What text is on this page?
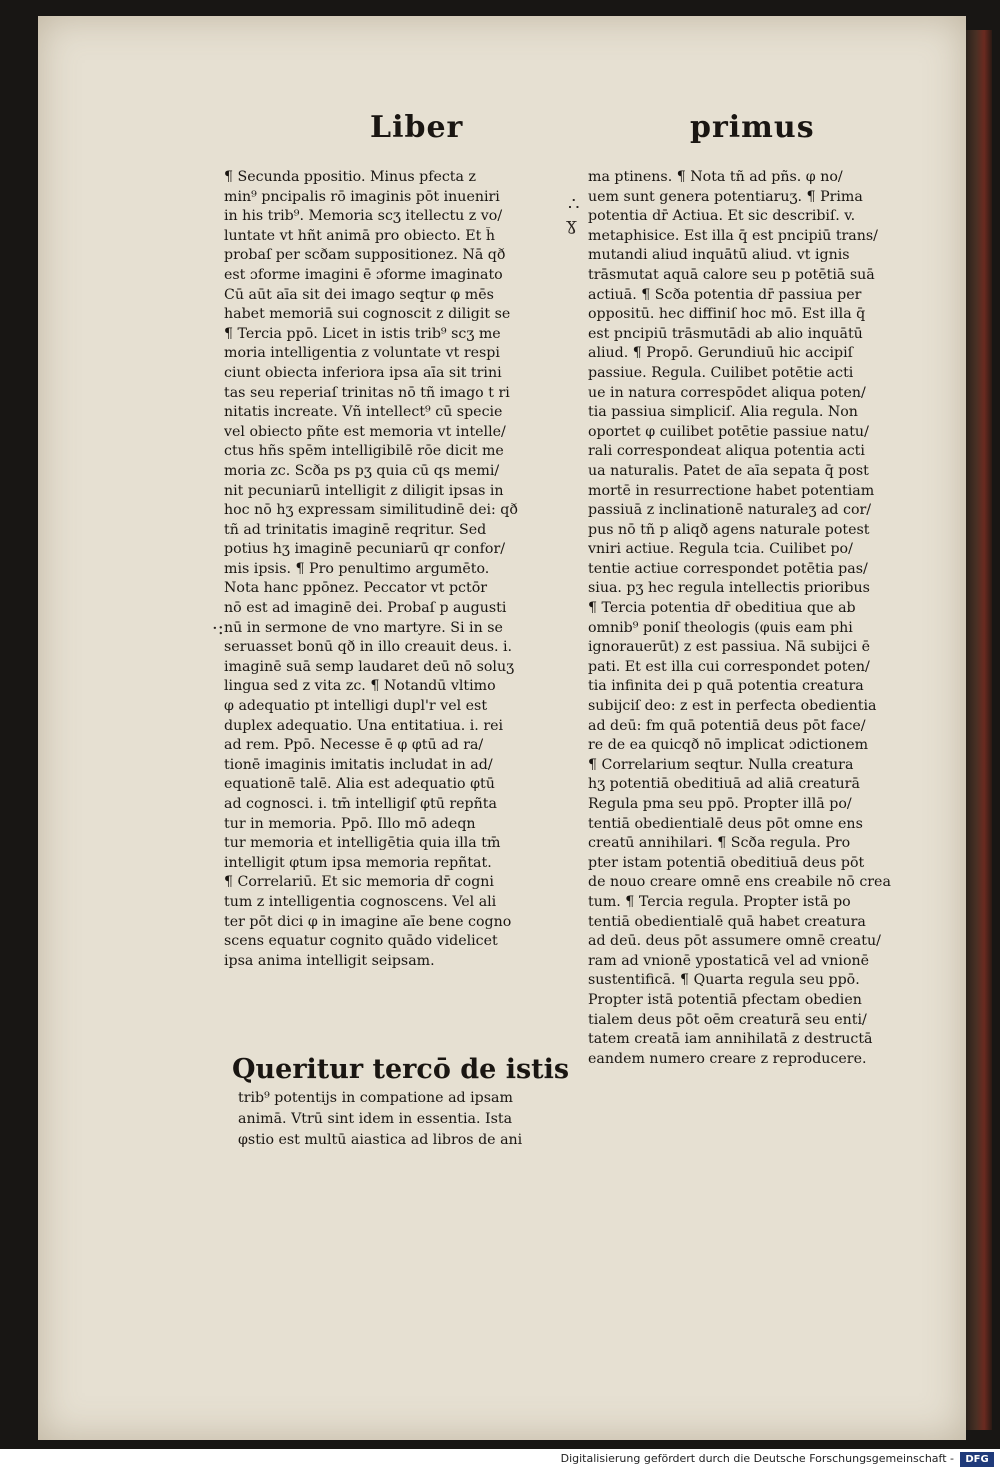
Liber	primus
¶ Secunda ppositio. Minus pfecta z
min⁹ pncipalis rō imaginis pōt inueniri
in his trib⁹. Memoria scʒ itellectu z vo/
luntate vt hñt animā pro obiecto. Et h̄
probaſ per scðam suppositionez. Nā qð
est ɔforme imagini ē ɔforme imaginato
Cū aūt aīa sit dei imago seqtur φ mēs
habet memoriā sui cognoscit z diligit se
¶ Tercia ppō. Licet in istis trib⁹ scʒ me
moria intelligentia z voluntate vt respi
ciunt obiecta inferiora ipsa aīa sit trini
tas seu reperiaſ trinitas nō tñ imago t ri
nitatis increate. Vñ intellect⁹ cū specie
vel obiecto pñte est memoria vt intelle/
ctus hñs spēm intelligibilē rōe dicit me
moria zc. Scða ps pʒ quia cū qs memi/
nit pecuniarū intelligit z diligit ipsas in
hoc nō hʒ expressam similitudinē dei: qð
tñ ad trinitatis imaginē reqritur. Sed
potius hʒ imaginē pecuniarū qr confor/
mis ipsis. ¶ Pro penultimo argumēto.
Nota hanc ppōnez. Peccator vt pctōr
nō est ad imaginē dei. Probaſ p augusti
nū in sermone de vno martyre. Si in se
seruasset bonū qð in illo creauit deus. i.
imaginē suā semp laudaret deū nō soluʒ
lingua sed z vita zc. ¶ Notandū vltimo
φ adequatio pt intelligi dupl'r vel est
duplex adequatio. Una entitatiua. i. rei
ad rem. Ppō. Necesse ē φ φtū ad ra/
tionē imaginis imitatis includat in ad/
equationē talē. Alia est adequatio φtū
ad cognosci. i. tm̄ intelligiſ φtū repñta
tur in memoria. Ppō. Illo mō adeqn
tur memoria et intelligētia quia illa tm̄
intelligit φtum ipsa memoria repñtat.
¶ Correlariū. Et sic memoria dr̄ cogni
tum z intelligentia cognoscens. Vel ali
ter pōt dici φ in imagine aīe bene cogno
scens equatur cognito quādo videlicet
ipsa anima intelligit seipsam.
ma ptinens. ¶ Nota tñ ad pñs. φ no/
uem sunt genera potentiaruʒ. ¶ Prima
potentia dr̄ Actiua. Et sic describiſ. v.
metaphisice. Est illa q̄ est pncipiū trans/
mutandi aliud inquātū aliud. vt ignis
trāsmutat aquā calore seu p potētiā suā
actiuā. ¶ Scða potentia dr̄ passiua per
oppositū. hec diffiniſ hoc mō. Est illa q̄
est pncipiū trāsmutādi ab alio inquātū
aliud. ¶ Propō. Gerundiuū hic accipiſ
passiue. Regula. Cuilibet potētie acti
ue in natura correspōdet aliqua poten/
tia passiua simpliciſ. Alia regula. Non
oportet φ cuilibet potētie passiue natu/
rali correspondeat aliqua potentia acti
ua naturalis. Patet de aīa sepata q̄ post
mortē in resurrectione habet potentiam
passiuā z inclinationē naturaleʒ ad cor/
pus nō tñ p aliqð agens naturale potest
vniri actiue. Regula tcia. Cuilibet po/
tentie actiue correspondet potētia pas/
siua. pʒ hec regula intellectis prioribus
¶ Tercia potentia dr̄ obeditiua que ab
omnib⁹ poniſ theologis (φuis eam phi
ignorauerūt) z est passiua. Nā subijci ē
pati. Et est illa cui correspondet poten/
tia infinita dei p quā potentia creatura
subijciſ deo: z est in perfecta obedientia
ad deū: fm quā potentiā deus pōt face/
re de ea quicqð nō implicat ɔdictionem
¶ Correlarium seqtur. Nulla creatura
hʒ potentiā obeditiuā ad aliā creaturā
Regula pma seu ppō. Propter illā po/
tentiā obedientialē deus pōt omne ens
creatū annihilari. ¶ Scða regula. Pro
pter istam potentiā obeditiuā deus pōt
de nouo creare omnē ens creabile nō crea
tum. ¶ Tercia regula. Propter istā po
tentiā obedientialē quā habet creatura
ad deū. deus pōt assumere omnē creatu/
ram ad vnionē ypostaticā vel ad vnionē
sustentificā. ¶ Quarta regula seu ppō.
Propter istā potentiā pfectam obedien
tialem deus pōt oēm creaturā seu enti/
tatem creatā iam annihilatā z destructā
eandem numero creare z reproducere.
Queritur tercō de istis
trib⁹ potentijs in compatione ad ipsam
animā. Vtrū sint idem in essentia. Ista
φstio est multū aiastica ad libros de ani
∴
ɣ
·:
Digitalisierung gefördert durch die Deutsche Forschungsgemeinschaft -	DFG
